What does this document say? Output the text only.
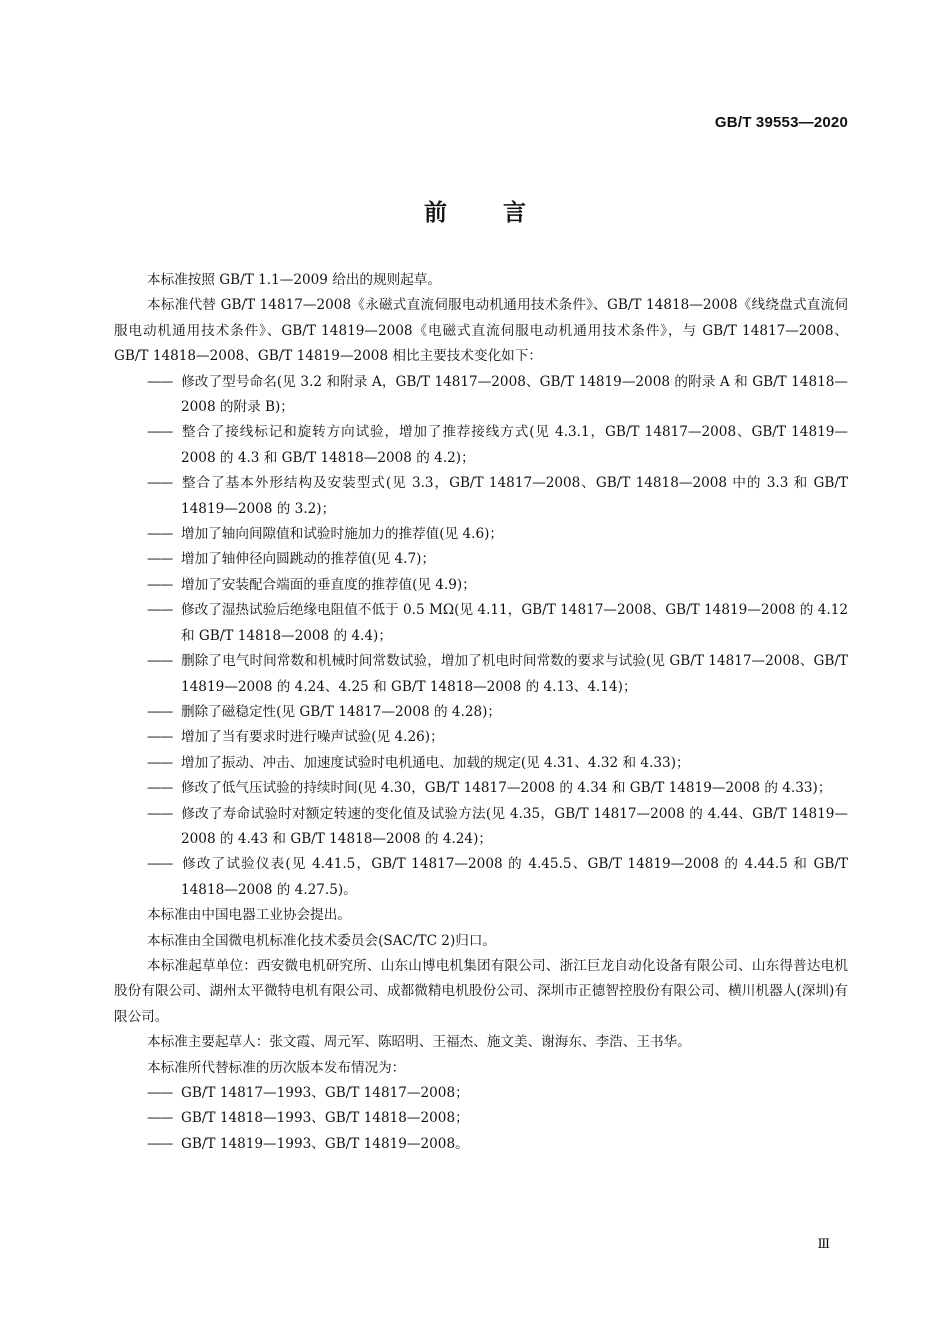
GB/T 39553—2020
前 言

本标准按照 GB/T 1.1—2009 给出的规则起草。

本标准代替 GB/T 14817—2008《永磁式直流伺服电动机通用技术条件》、GB/T 14818—2008《线绕盘式直流伺服电动机通用技术条件》、GB/T 14819—2008《电磁式直流伺服电动机通用技术条件》，与 GB/T 14817—2008、GB/T 14818—2008、GB/T 14819—2008 相比主要技术变化如下：

—— 修改了型号命名(见 3.2 和附录 A，GB/T 14817—2008、GB/T 14819—2008 的附录 A 和 GB/T 14818—2008 的附录 B)；

—— 整合了接线标记和旋转方向试验，增加了推荐接线方式(见 4.3.1，GB/T 14817—2008、GB/T 14819—2008 的 4.3 和 GB/T 14818—2008 的 4.2)；

—— 整合了基本外形结构及安装型式(见 3.3，GB/T 14817—2008、GB/T 14818—2008 中的 3.3 和 GB/T 14819—2008 的 3.2)；

—— 增加了轴向间隙值和试验时施加力的推荐值(见 4.6)；

—— 增加了轴伸径向圆跳动的推荐值(见 4.7)；

—— 增加了安装配合端面的垂直度的推荐值(见 4.9)；

—— 修改了湿热试验后绝缘电阻值不低于 0.5 MΩ(见 4.11，GB/T 14817—2008、GB/T 14819—2008 的 4.12 和 GB/T 14818—2008 的 4.4)；

—— 删除了电气时间常数和机械时间常数试验，增加了机电时间常数的要求与试验(见 GB/T 14817—2008、GB/T 14819—2008 的 4.24、4.25 和 GB/T 14818—2008 的 4.13、4.14)；

—— 删除了磁稳定性(见 GB/T 14817—2008 的 4.28)；

—— 增加了当有要求时进行噪声试验(见 4.26)；

—— 增加了振动、冲击、加速度试验时电机通电、加载的规定(见 4.31、4.32 和 4.33)；

—— 修改了低气压试验的持续时间(见 4.30，GB/T 14817—2008 的 4.34 和 GB/T 14819—2008 的 4.33)；

—— 修改了寿命试验时对额定转速的变化值及试验方法(见 4.35，GB/T 14817—2008 的 4.44、GB/T 14819—2008 的 4.43 和 GB/T 14818—2008 的 4.24)；

—— 修改了试验仪表(见 4.41.5，GB/T 14817—2008 的 4.45.5、GB/T 14819—2008 的 4.44.5 和 GB/T 14818—2008 的 4.27.5)。

本标准由中国电器工业协会提出。

本标准由全国微电机标准化技术委员会(SAC/TC 2)归口。

本标准起草单位：西安微电机研究所、山东山博电机集团有限公司、浙江巨龙自动化设备有限公司、山东得普达电机股份有限公司、湖州太平微特电机有限公司、成都微精电机股份公司、深圳市正德智控股份有限公司、横川机器人(深圳)有限公司。

本标准主要起草人：张文霞、周元军、陈昭明、王福杰、施文美、谢海东、李浩、王书华。

本标准所代替标准的历次版本发布情况为：

—— GB/T 14817—1993、GB/T 14817—2008；

—— GB/T 14818—1993、GB/T 14818—2008；

—— GB/T 14819—1993、GB/T 14819—2008。

Ⅲ
